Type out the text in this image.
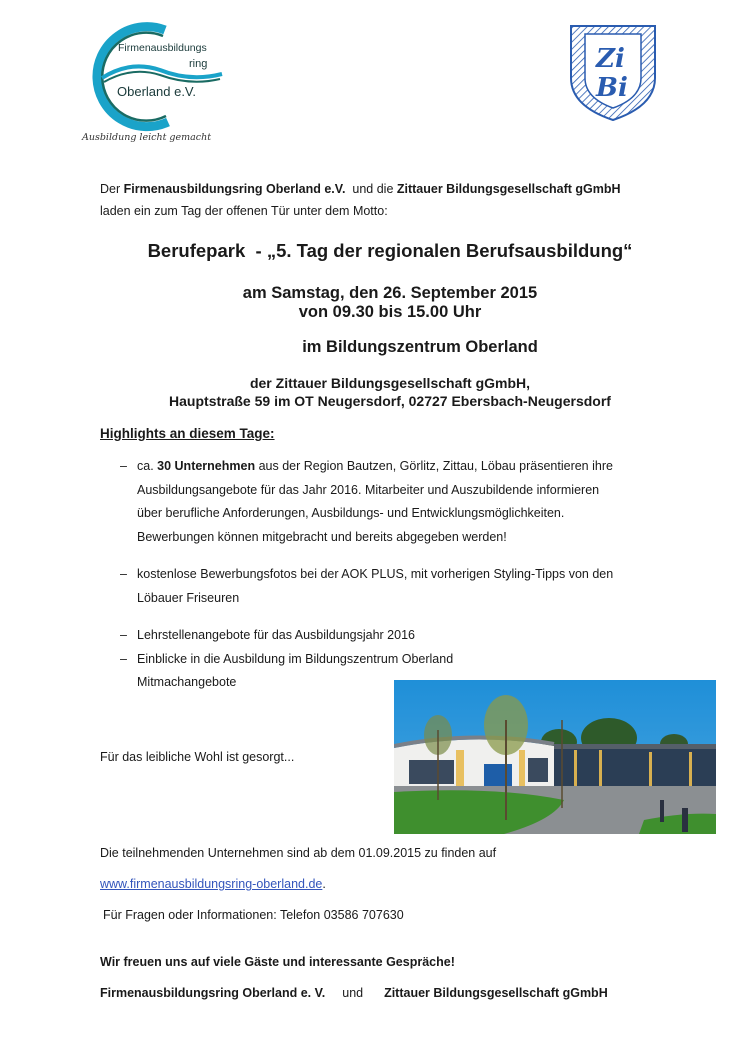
Firmenausbildungs
ring
Oberland e.V.
Ausbildung leicht gemacht
Zi
Bi
Der Firmenausbildungsring Oberland e.V.  und die Zittauer Bildungsgesellschaft gGmbH
laden ein zum Tag der offenen Tür unter dem Motto:
Berufepark  - „5. Tag der regionalen Berufsausbildung“
am Samstag, den 26. September 2015
von 09.30 bis 15.00 Uhr
im Bildungszentrum Oberland
der Zittauer Bildungsgesellschaft gGmbH,
Hauptstraße 59 im OT Neugersdorf, 02727 Ebersbach-Neugersdorf
Highlights an diesem Tage:
– ca. 30 Unternehmen aus der Region Bautzen, Görlitz, Zittau, Löbau präsentieren ihre
Ausbildungsangebote für das Jahr 2016. Mitarbeiter und Auszubildende informieren
über berufliche Anforderungen, Ausbildungs- und Entwicklungsmöglichkeiten.
Bewerbungen können mitgebracht und bereits abgegeben werden!
– kostenlose Bewerbungsfotos bei der AOK PLUS, mit vorherigen Styling-Tipps von den
Löbauer Friseuren
– Lehrstellenangebote für das Ausbildungsjahr 2016
– Einblicke in die Ausbildung im Bildungszentrum Oberland
Mitmachangebote
Für das leibliche Wohl ist gesorgt...
Die teilnehmenden Unternehmen sind ab dem 01.09.2015 zu finden auf
www.firmenausbildungsring-oberland.de.
Für Fragen oder Informationen: Telefon 03586 707630
Wir freuen uns auf viele Gäste und interessante Gespräche!
Firmenausbildungsring Oberland e. V. und Zittauer Bildungsgesellschaft gGmbH
